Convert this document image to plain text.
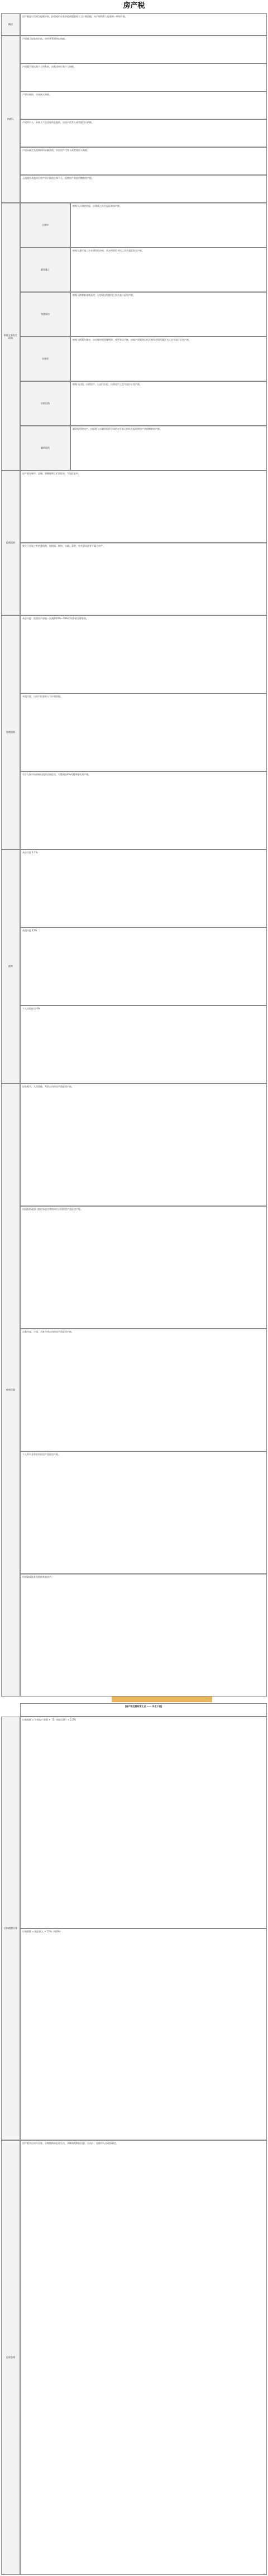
房产税
概述
房产税是以房屋为征税对象，按房屋的计税余值或租金收入为计税依据，向产权所有人征收的一种财产税。
纳税人
产权属于国家所有的，由经营管理单位纳税。
产权属于集体和个人所有的，由集体单位和个人纳税。
产权出典的，由承典人纳税。
产权所有人、承典人不在房屋所在地的，由房产代管人或者使用人纳税。
产权未确定及租典纠纷未解决的，亦由房产代管人或者使用人纳税。
无租使用其他单位房产的应税单位和个人，依照房产余值代缴纳房产税。
纳税义务发生时间
自建房
纳税人自建的房屋，自建成之次月起征收房产税。
委托施工
纳税人委托施工企业建设的房屋，从办理验收手续之次月起征收房产税。
购置新房
纳税人购置新建商品房，自房屋交付使用之次月起计征房产税。
存量房
纳税人购置存量房，自办理房屋权属转移、变更登记手续，房地产权属登记机关签发房屋权属证书之次月起计征房产税。
出租出借
纳税人出租、出借房产，自交付出租、出借房产之次月起计征房产税。
融资租赁
融资租赁的房产，由承租人自融资租赁合同约定开始日的次月起依照房产余值缴纳房产税。
征税范围
房产税在城市、县城、建制镇和工矿区征收，不包括农村。
独立于房屋之外的建筑物，如围墙、烟囱、水塔、菜窖、室外游泳池等不属于房产。
计税依据
从价计征：依照房产原值一次减除10%～30%后的余值计算缴纳。
从租计征：以房产租金收入为计税依据。
对个人按市场价格出租的居民住房，可暂减按4%的税率征收房产税。
税率
从价计征 1.2%
从租计征 12%
个人出租住房 4%
税收优惠
国家机关、人民团体、军队自用的房产免征房产税。
由国家财政部门拨付事业经费的单位自用的房产免征房产税。
宗教寺庙、公园、名胜古迹自用的房产免征房产税。
个人所有非营业用的房产免征房产税。
经财政部批准免税的其他房产。
[房产税优惠政策汇总 —— 详见下表]
应纳税额计算
应纳税额 = 应税房产原值 ×（1－扣除比例）× 1.2%
应纳税额 = 租金收入 × 12%（或4%）
征收管理
房产税实行按年计算、分期缴纳的征收方法，具体纳税期限由省、自治区、直辖市人民政府确定。
